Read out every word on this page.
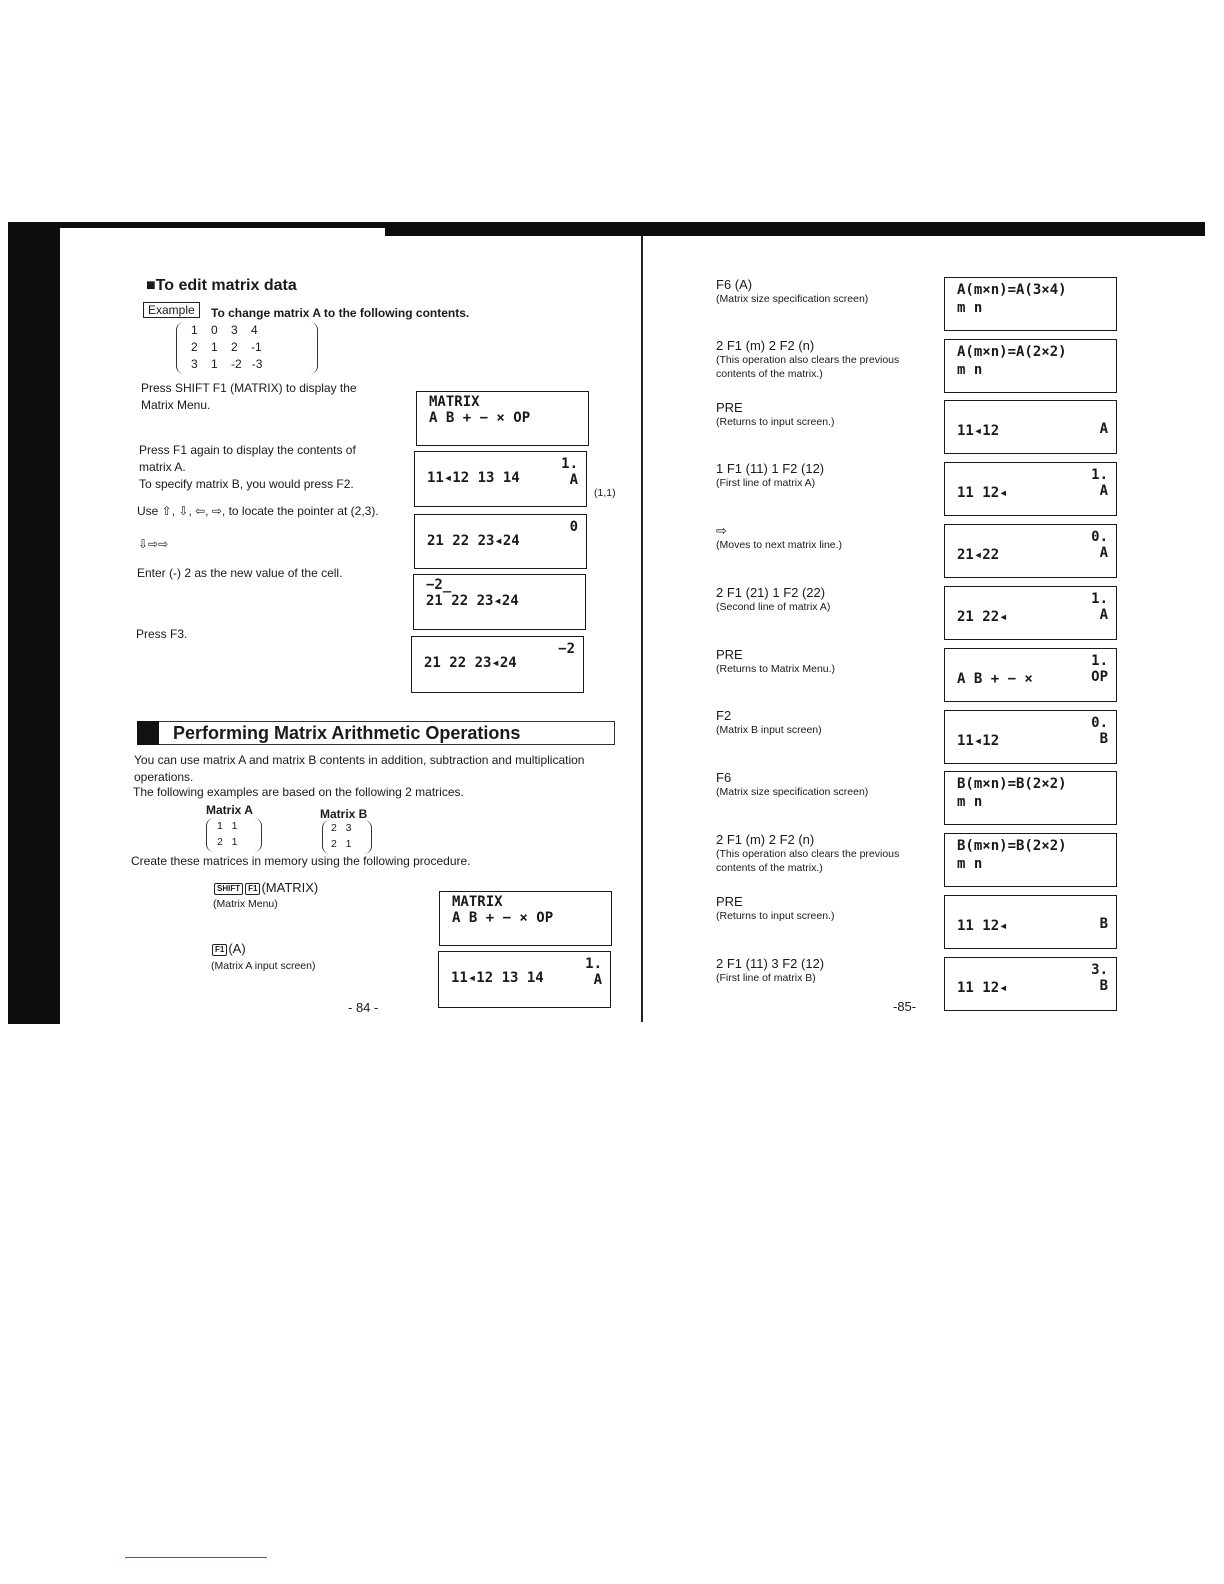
■To edit matrix data
Example	To change matrix A to the following contents.
1    0    3    4
2    1    2    -1
3    1    -2   -3
Press SHIFT F1 (MATRIX) to display the Matrix Menu.
Press F1 again to display the contents of matrix A.
To specify matrix B, you would press F2.
Use ⇧, ⇩, ⇦, ⇨, to locate the pointer at (2,3).
⇩⇨⇨
Enter (-) 2 as the new value of the cell.
Press F3.
(1,1)
MATRIX
A B + − × OP
1.
11◂12 13 14	A
0
21 22 23◂24
−2_
21 22 23◂24
−2
21 22 23◂24
Performing Matrix Arithmetic Operations
You can use matrix A and matrix B contents in addition, subtraction and multiplication operations.
The following examples are based on the following 2 matrices.
Matrix A	Matrix B
1   1
2   1
2   3
2   1
Create these matrices in memory using the following procedure.
SHIFT F1 (MATRIX)
(Matrix Menu)
F1 (A)
(Matrix A input screen)
MATRIX
A B + − × OP
1.
11◂12 13 14	A
- 84 -
F6 (A)
(Matrix size specification screen)
2 F1 (m) 2 F2 (n)
(This operation also clears the previous contents of the matrix.)
PRE
(Returns to input screen.)
1 F1 (11) 1 F2 (12)
(First line of matrix A)
⇨
(Moves to next matrix line.)
2 F1 (21) 1 F2 (22)
(Second line of matrix A)
PRE
(Returns to Matrix Menu.)
F2
(Matrix B input screen)
F6
(Matrix size specification screen)
2 F1 (m) 2 F2 (n)
(This operation also clears the previous contents of the matrix.)
PRE
(Returns to input screen.)
2 F1 (11) 3 F2 (12)
(First line of matrix B)
A(m×n)=A(3×4)
m n
A(m×n)=A(2×2)
m n
11◂12	A
11 12◂
1.
A
21◂22
0.
A
21 22◂
1.
A
A B + − ×
1.
OP
11◂12
0.
B
B(m×n)=B(2×2)
m n
B(m×n)=B(2×2)
m n
11 12◂	B
11 12◂
3.
B
-85-
